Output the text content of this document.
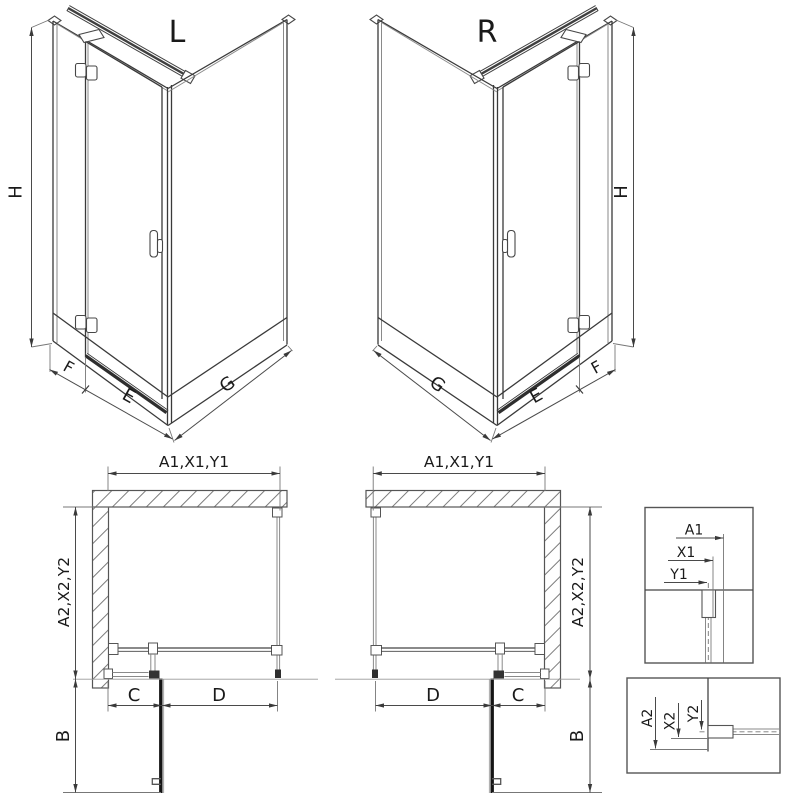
L
H
F
E	G
R
H
F
E
G
A1,X1,Y1
A2,X2,Y2
B
C	D
A1,X1,Y1
A2,X2,Y2
B
D	C
A1
X1
Y1
A2 X2 Y2
